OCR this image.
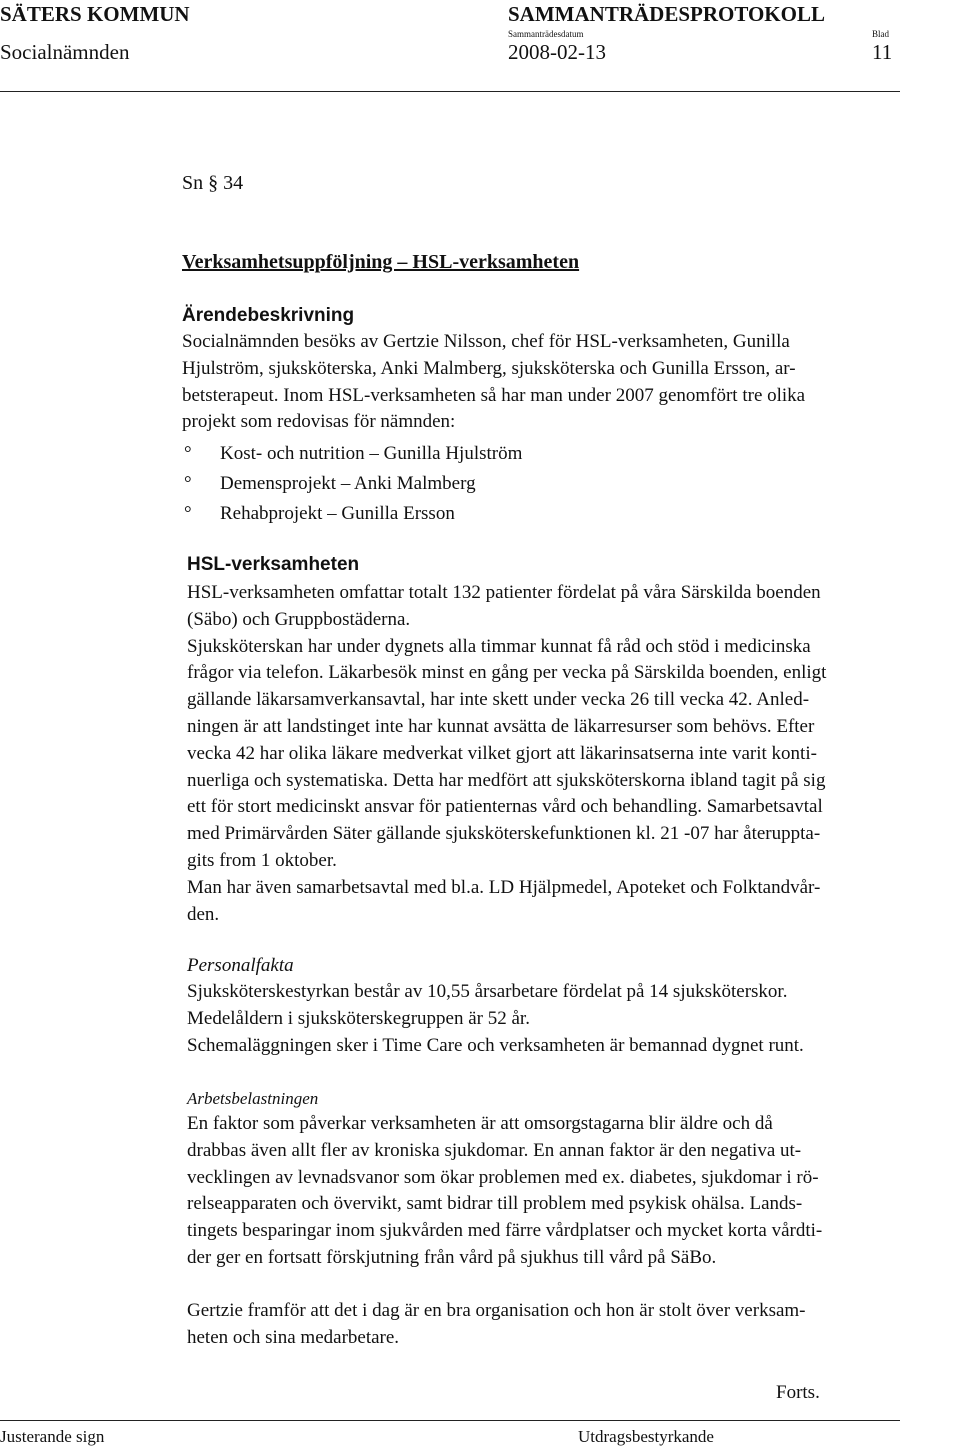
SÄTERS KOMMUN	SAMMANTRÄDESPROTOKOLL
Sammanträdesdatum	Blad
Socialnämnden	2008-02-13	11
Sn § 34
Verksamhetsuppföljning – HSL-verksamheten
Ärendebeskrivning
Socialnämnden besöks av Gertzie Nilsson, chef för HSL-verksamheten, Gunilla
Hjulström, sjuksköterska, Anki Malmberg, sjuksköterska och Gunilla Ersson, ar-
betsterapeut. Inom HSL-verksamheten så har man under 2007 genomfört tre olika
projekt som redovisas för nämnden:
° Kost- och nutrition – Gunilla Hjulström
° Demensprojekt – Anki Malmberg
° Rehabprojekt – Gunilla Ersson
HSL-verksamheten
HSL-verksamheten omfattar totalt 132 patienter fördelat på våra Särskilda boenden
(Säbo) och Gruppbostäderna.
Sjuksköterskan har under dygnets alla timmar kunnat få råd och stöd i medicinska
frågor via telefon. Läkarbesök minst en gång per vecka på Särskilda boenden, enligt
gällande läkarsamverkansavtal, har inte skett under vecka 26 till vecka 42. Anled-
ningen är att landstinget inte har kunnat avsätta de läkarresurser som behövs. Efter
vecka 42 har olika läkare medverkat vilket gjort att läkarinsatserna inte varit konti-
nuerliga och systematiska. Detta har medfört att sjuksköterskorna ibland tagit på sig
ett för stort medicinskt ansvar för patienternas vård och behandling. Samarbetsavtal
med Primärvården Säter gällande sjuksköterskefunktionen kl. 21 -07 har återupptа-
gits from 1 oktober.
Man har även samarbetsavtal med bl.a. LD Hjälpmedel, Apoteket och Folktandvår-
den.
Personalfakta
Sjuksköterskestyrkan består av 10,55 årsarbetare fördelat på 14 sjuksköterskor.
Medelåldern i sjuksköterskegruppen är 52 år.
Schemaläggningen sker i Time Care och verksamheten är bemannad dygnet runt.
Arbetsbelastningen
En faktor som påverkar verksamheten är att omsorgstagarna blir äldre och då
drabbas även allt fler av kroniska sjukdomar. En annan faktor är den negativa ut-
vecklingen av levnadsvanor som ökar problemen med ex. diabetes, sjukdomar i rö-
relseapparaten och övervikt, samt bidrar till problem med psykisk ohälsa. Lands-
tingets besparingar inom sjukvården med färre vårdplatser och mycket korta vårdti-
der ger en fortsatt förskjutning från vård på sjukhus till vård på SäBo.
Gertzie framför att det i dag är en bra organisation och hon är stolt över verksam-
heten och sina medarbetare.
Forts.
Justerande sign	Utdragsbestyrkande
